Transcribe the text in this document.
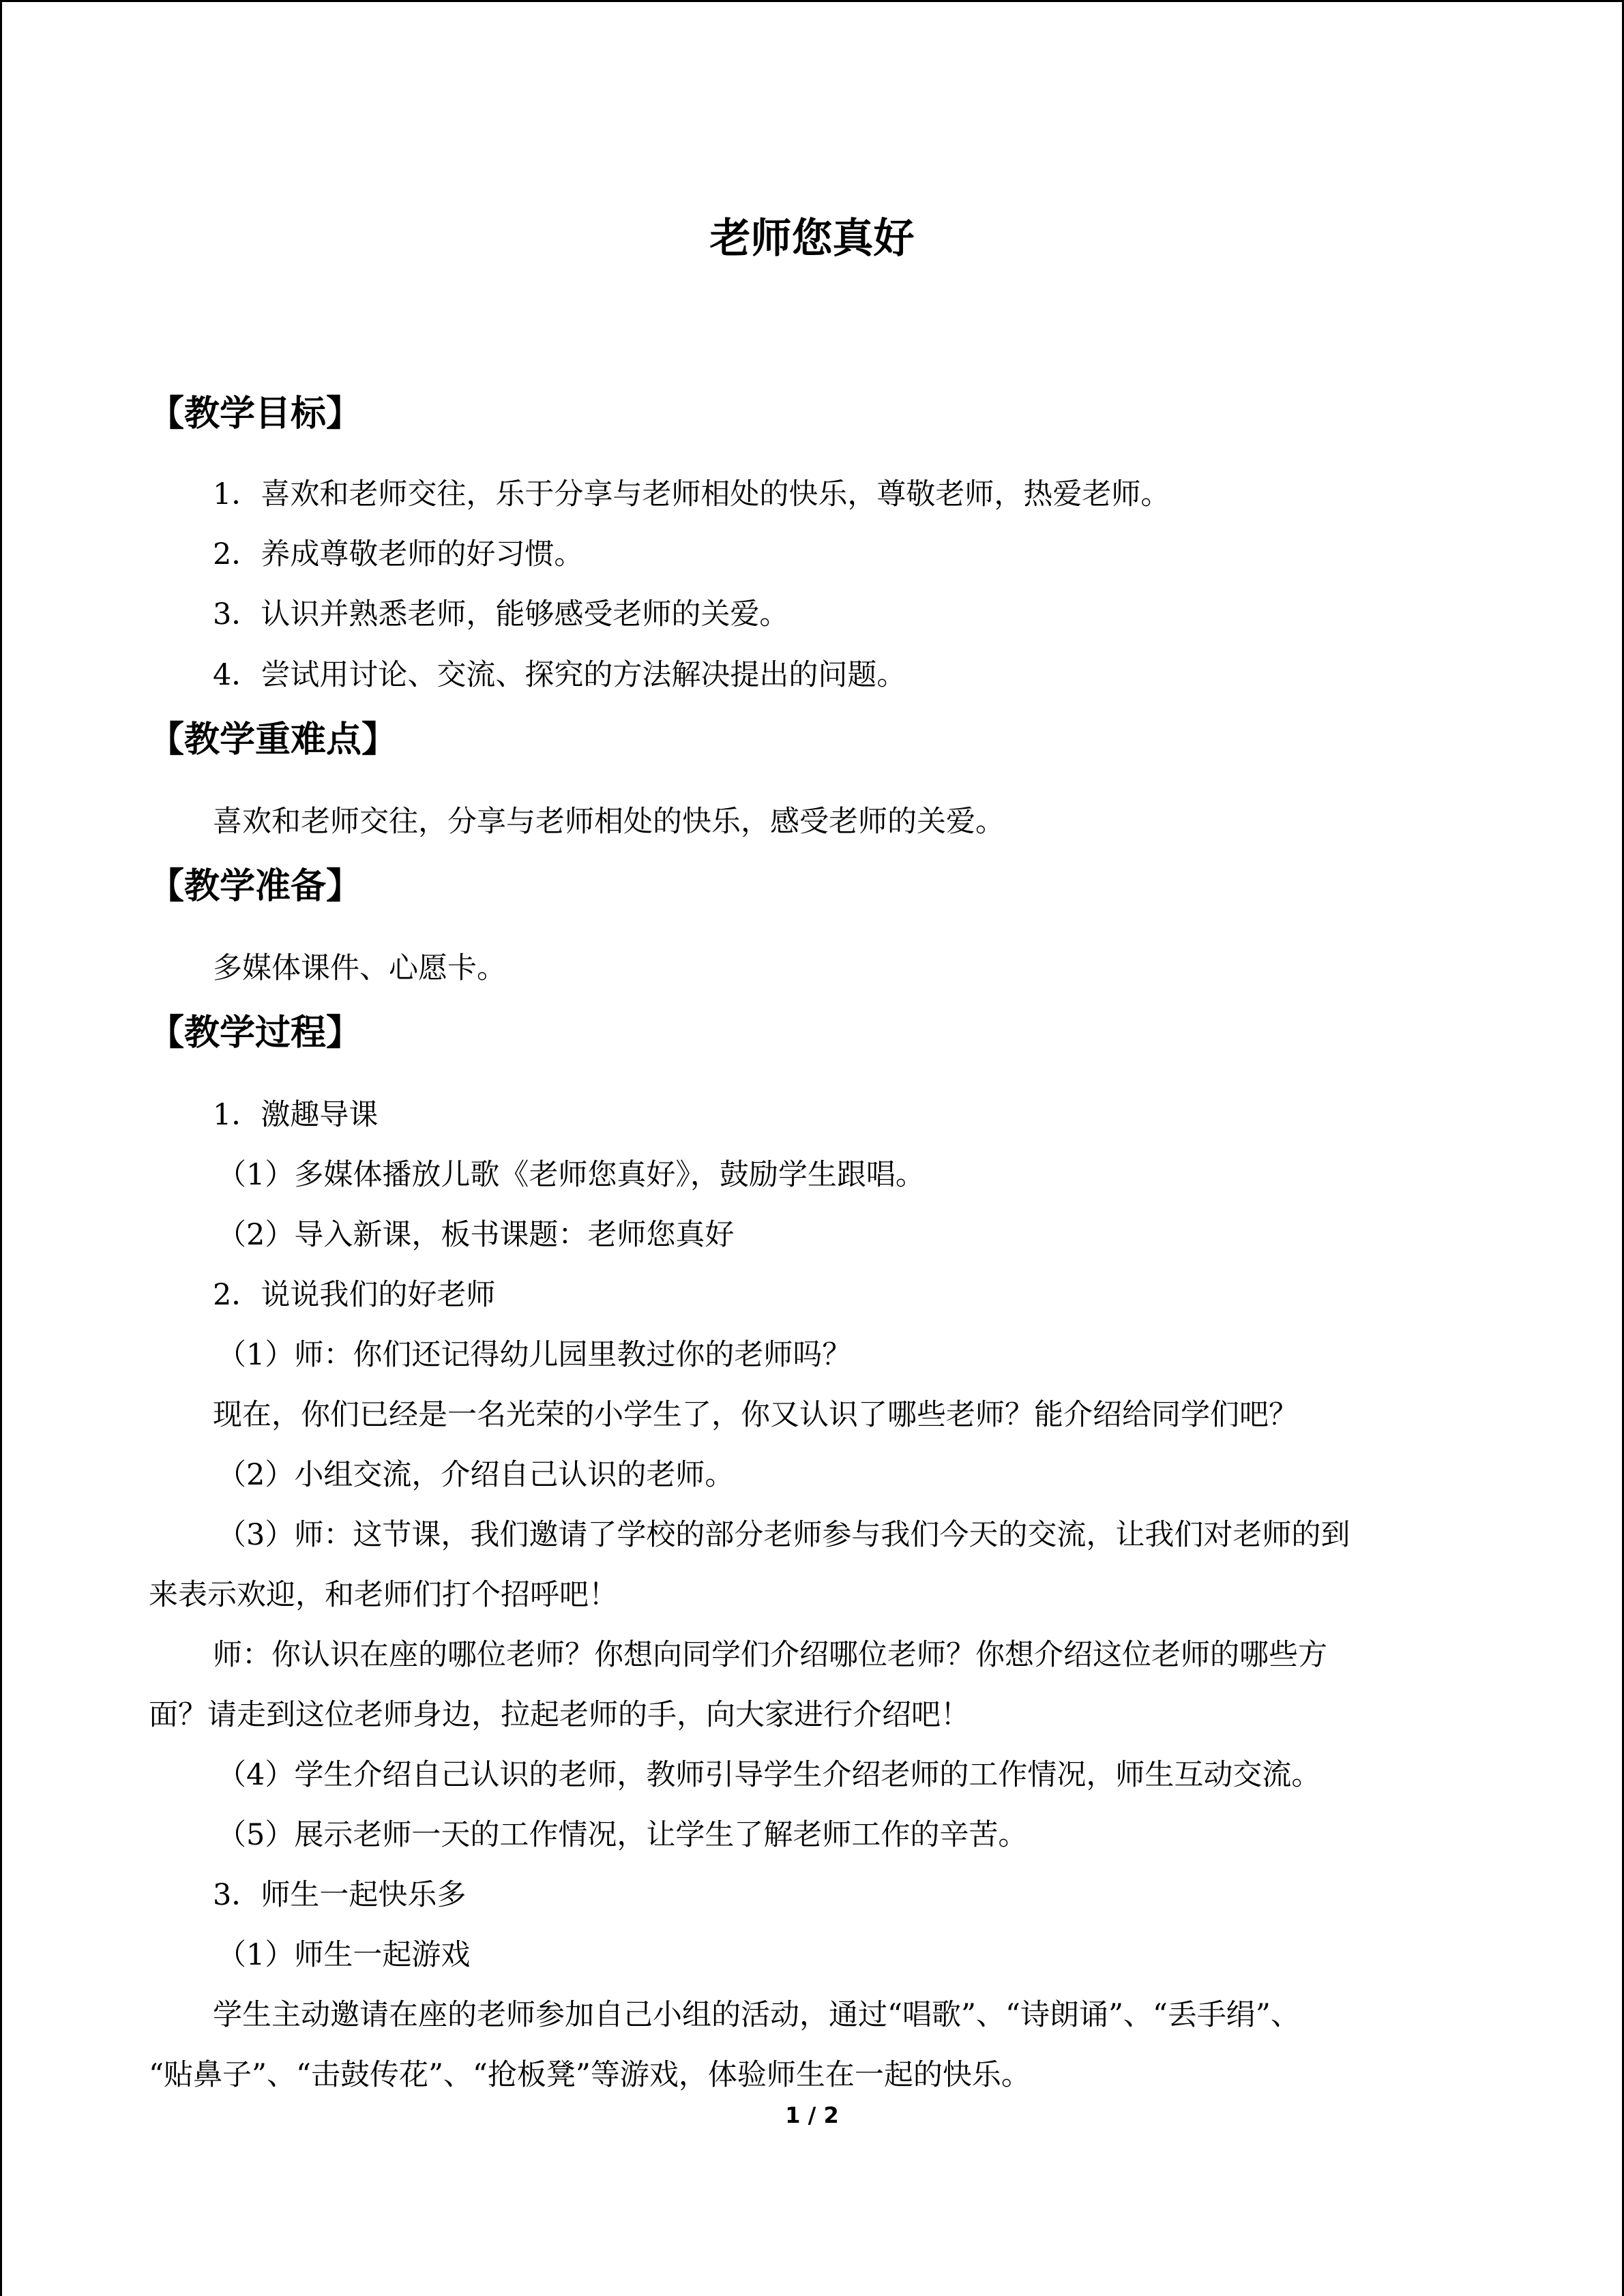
老师您真好
【教学目标】
1．喜欢和老师交往，乐于分享与老师相处的快乐，尊敬老师，热爱老师。
2．养成尊敬老师的好习惯。
3．认识并熟悉老师，能够感受老师的关爱。
4．尝试用讨论、交流、探究的方法解决提出的问题。
【教学重难点】
喜欢和老师交往，分享与老师相处的快乐，感受老师的关爱。
【教学准备】
多媒体课件、心愿卡。
【教学过程】
1．激趣导课
（1）多媒体播放儿歌《老师您真好》，鼓励学生跟唱。
（2）导入新课，板书课题：老师您真好
2．说说我们的好老师
（1）师：你们还记得幼儿园里教过你的老师吗？
现在，你们已经是一名光荣的小学生了，你又认识了哪些老师？能介绍给同学们吧？
（2）小组交流，介绍自己认识的老师。
（3）师：这节课，我们邀请了学校的部分老师参与我们今天的交流，让我们对老师的到
来表示欢迎，和老师们打个招呼吧！
师：你认识在座的哪位老师？你想向同学们介绍哪位老师？你想介绍这位老师的哪些方
面？请走到这位老师身边，拉起老师的手，向大家进行介绍吧！
（4）学生介绍自己认识的老师，教师引导学生介绍老师的工作情况，师生互动交流。
（5）展示老师一天的工作情况，让学生了解老师工作的辛苦。
3．师生一起快乐多
（1）师生一起游戏
学生主动邀请在座的老师参加自己小组的活动，通过“唱歌”、“诗朗诵”、“丢手绢”、
“贴鼻子”、“击鼓传花”、“抢板凳”等游戏，体验师生在一起的快乐。
1 / 2
